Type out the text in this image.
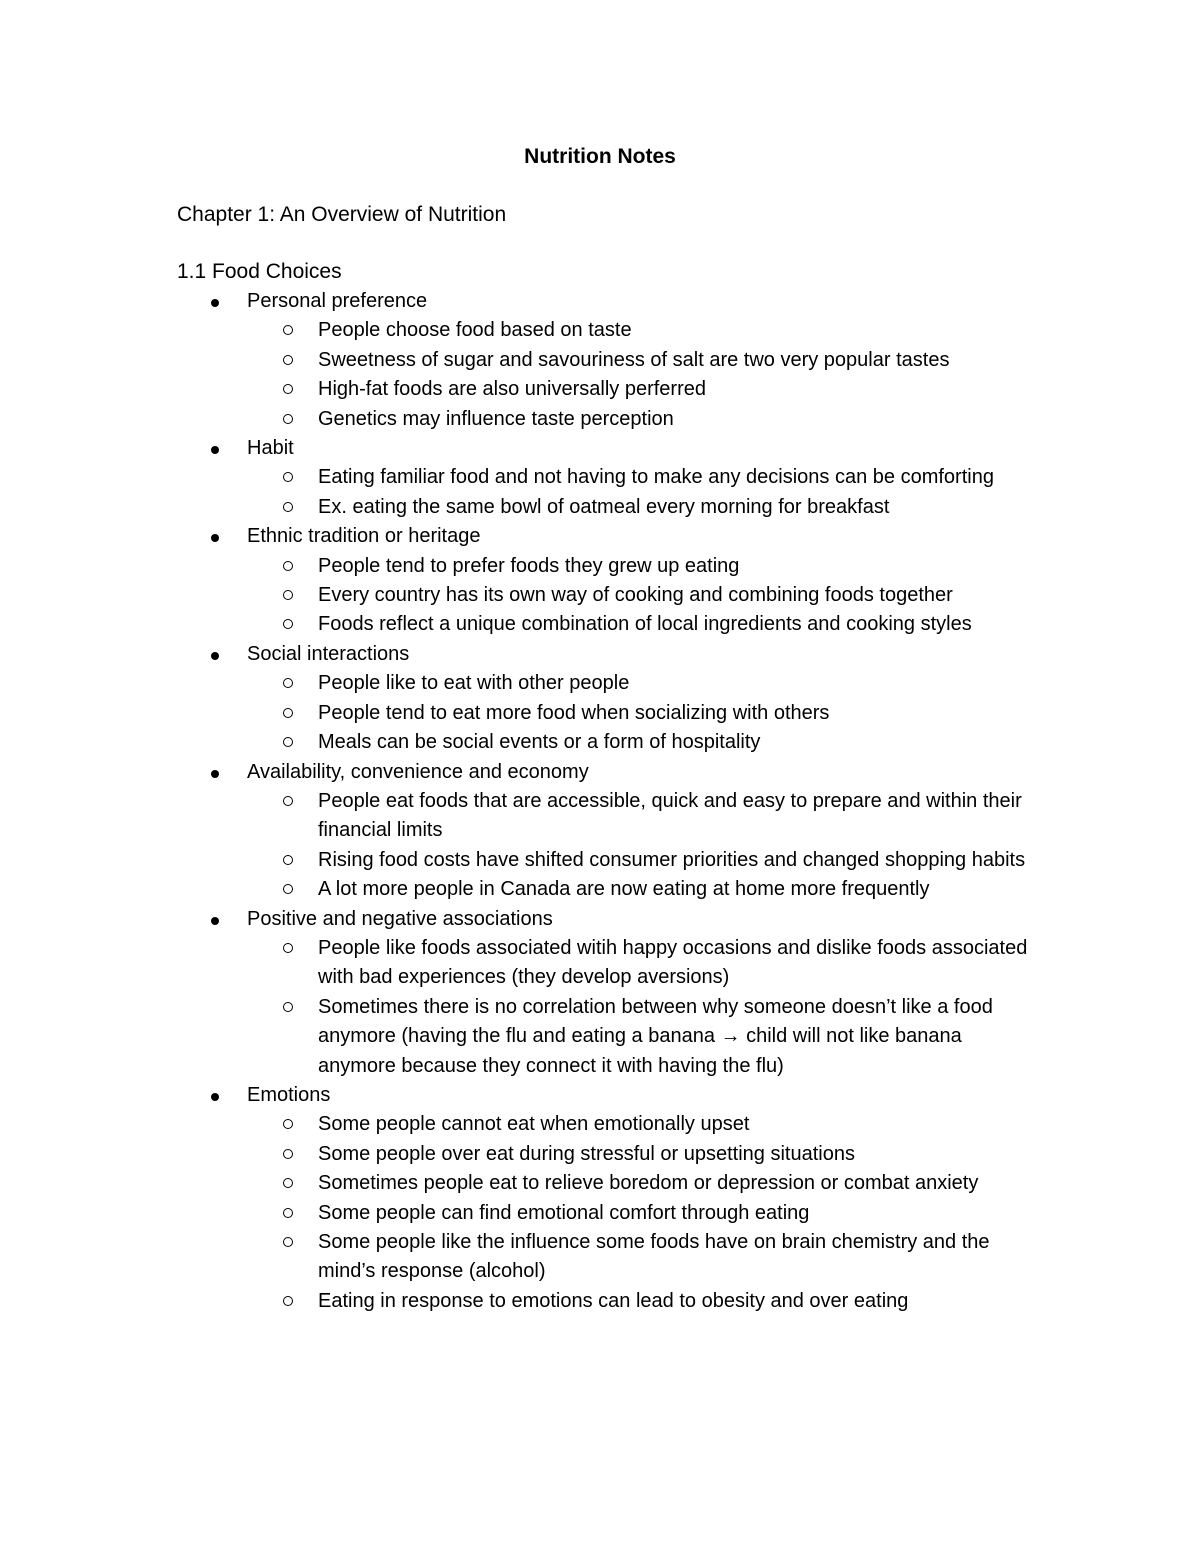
Nutrition Notes
Chapter 1: An Overview of Nutrition
1.1 Food Choices
Personal preference
People choose food based on taste
Sweetness of sugar and savouriness of salt are two very popular tastes
High-fat foods are also universally perferred
Genetics may influence taste perception
Habit
Eating familiar food and not having to make any decisions can be comforting
Ex. eating the same bowl of oatmeal every morning for breakfast
Ethnic tradition or heritage
People tend to prefer foods they grew up eating
Every country has its own way of cooking and combining foods together
Foods reflect a unique combination of local ingredients and cooking styles
Social interactions
People like to eat with other people
People tend to eat more food when socializing with others
Meals can be social events or a form of hospitality
Availability, convenience and economy
People eat foods that are accessible, quick and easy to prepare and within their financial limits
Rising food costs have shifted consumer priorities and changed shopping habits
A lot more people in Canada are now eating at home more frequently
Positive and negative associations
People like foods associated witih happy occasions and dislike foods associated with bad experiences (they develop aversions)
Sometimes there is no correlation between why someone doesn’t like a food anymore (having the flu and eating a banana → child will not like banana anymore because they connect it with having the flu)
Emotions
Some people cannot eat when emotionally upset
Some people over eat during stressful or upsetting situations
Sometimes people eat to relieve boredom or depression or combat anxiety
Some people can find emotional comfort through eating
Some people like the influence some foods have on brain chemistry and the mind’s response (alcohol)
Eating in response to emotions can lead to obesity and over eating
